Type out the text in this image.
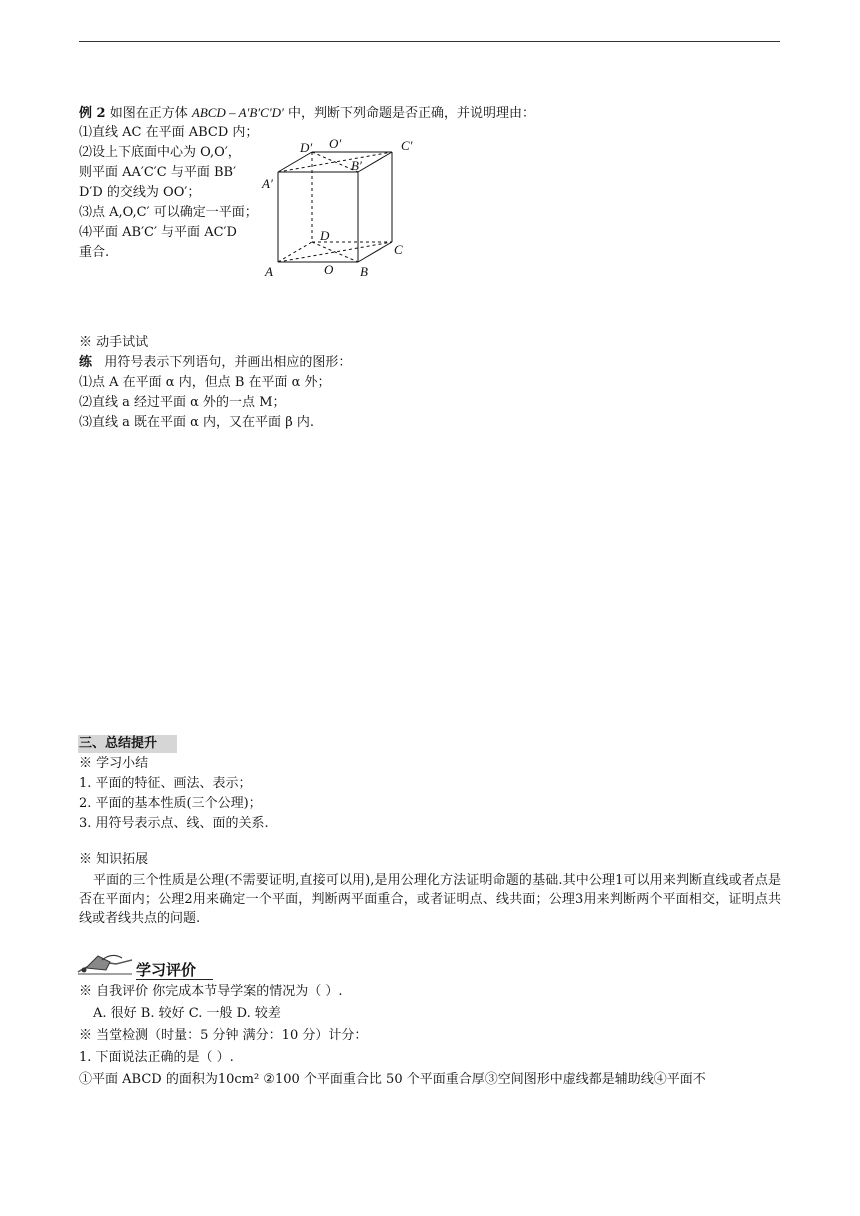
例 2 如图在正方体 ABCD – A′B′C′D′ 中，判断下列命题是否正确，并说明理由：
⑴直线 AC 在平面 ABCD 内；
⑵设上下底面中心为 O,O′，
则平面 AA′C′C 与平面 BB′
D′D 的交线为 OO′；
⑶点 A,O,C′ 可以确定一平面；
⑷平面 AB′C′ 与平面 AC′D
重合.
D′ O′	C′
B′
A′
D
C
A	O B
※ 动手试试
练 用符号表示下列语句，并画出相应的图形：
⑴点 A 在平面 α 内，但点 B 在平面 α 外；
⑵直线 a 经过平面 α 外的一点 M；
⑶直线 a 既在平面 α 内，又在平面 β 内.
三、总结提升
※ 学习小结
1. 平面的特征、画法、表示；
2. 平面的基本性质(三个公理)；
3. 用符号表示点、线、面的关系.
※ 知识拓展
平面的三个性质是公理(不需要证明,直接可以用),是用公理化方法证明命题的基础.其中公理1可以用来判断直线或者点是否在平面内；公理2用来确定一个平面，判断两平面重合，或者证明点、线共面；公理3用来判断两个平面相交，证明点共线或者线共点的问题.
学习评价
※ 自我评价 你完成本节导学案的情况为（ ）.
A. 很好 B. 较好 C. 一般 D. 较差
※ 当堂检测（时量：5 分钟 满分：10 分）计分：
1. 下面说法正确的是（ ）.
①平面 ABCD 的面积为10cm² ②100 个平面重合比 50 个平面重合厚③空间图形中虚线都是辅助线④平面不
